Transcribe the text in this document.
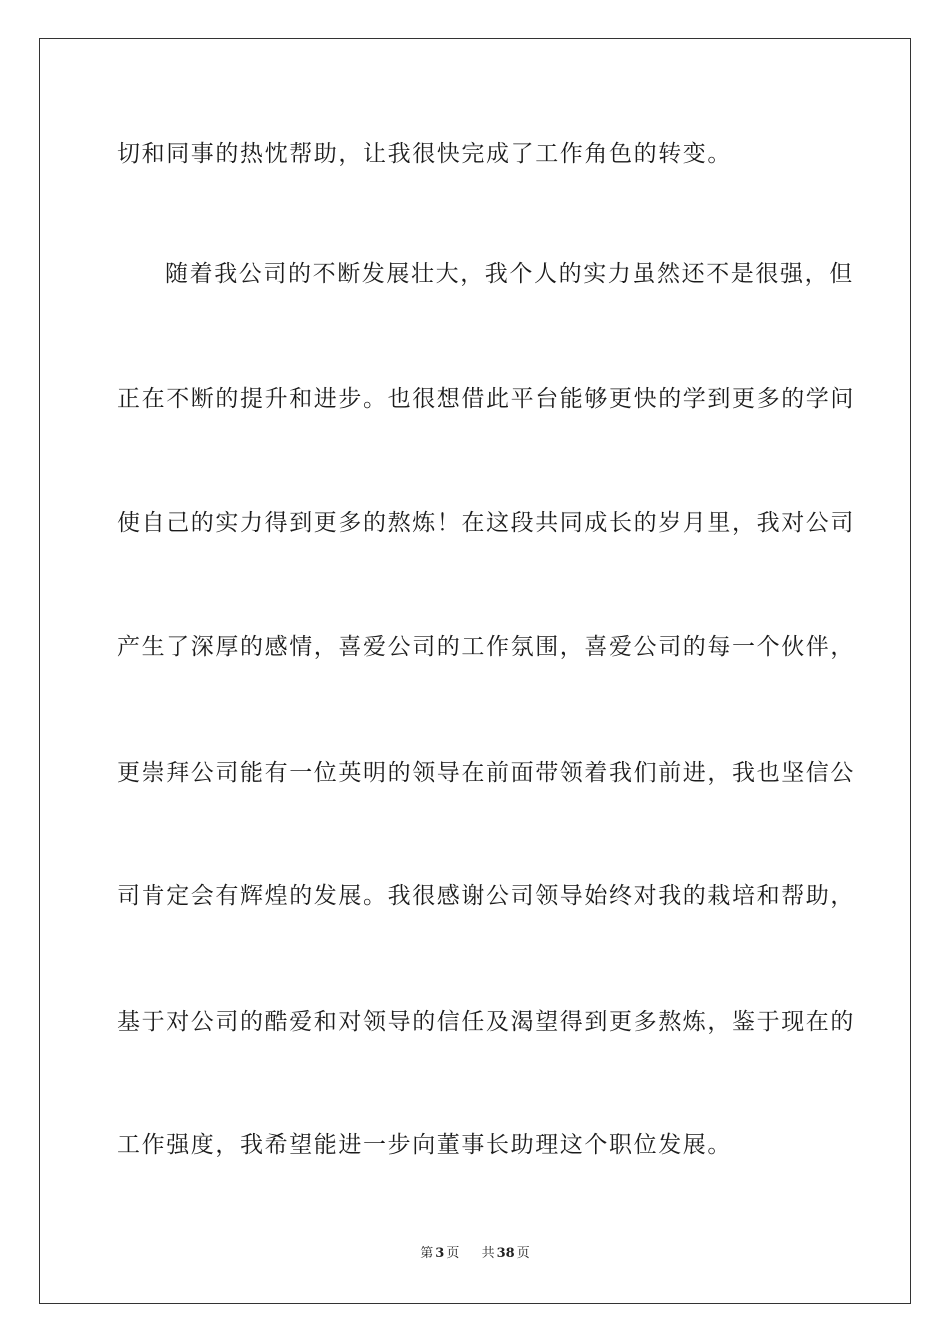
切和同事的热忱帮助，让我很快完成了工作角色的转变。
随着我公司的不断发展壮大，我个人的实力虽然还不是很强，但
正在不断的提升和进步。也很想借此平台能够更快的学到更多的学问
使自己的实力得到更多的熬炼！在这段共同成长的岁月里，我对公司
产生了深厚的感情，喜爱公司的工作氛围，喜爱公司的每一个伙伴，
更崇拜公司能有一位英明的领导在前面带领着我们前进，我也坚信公
司肯定会有辉煌的发展。我很感谢公司领导始终对我的栽培和帮助，
基于对公司的酷爱和对领导的信任及渴望得到更多熬炼，鉴于现在的
工作强度，我希望能进一步向董事长助理这个职位发展。
第 3 页 共 38 页
